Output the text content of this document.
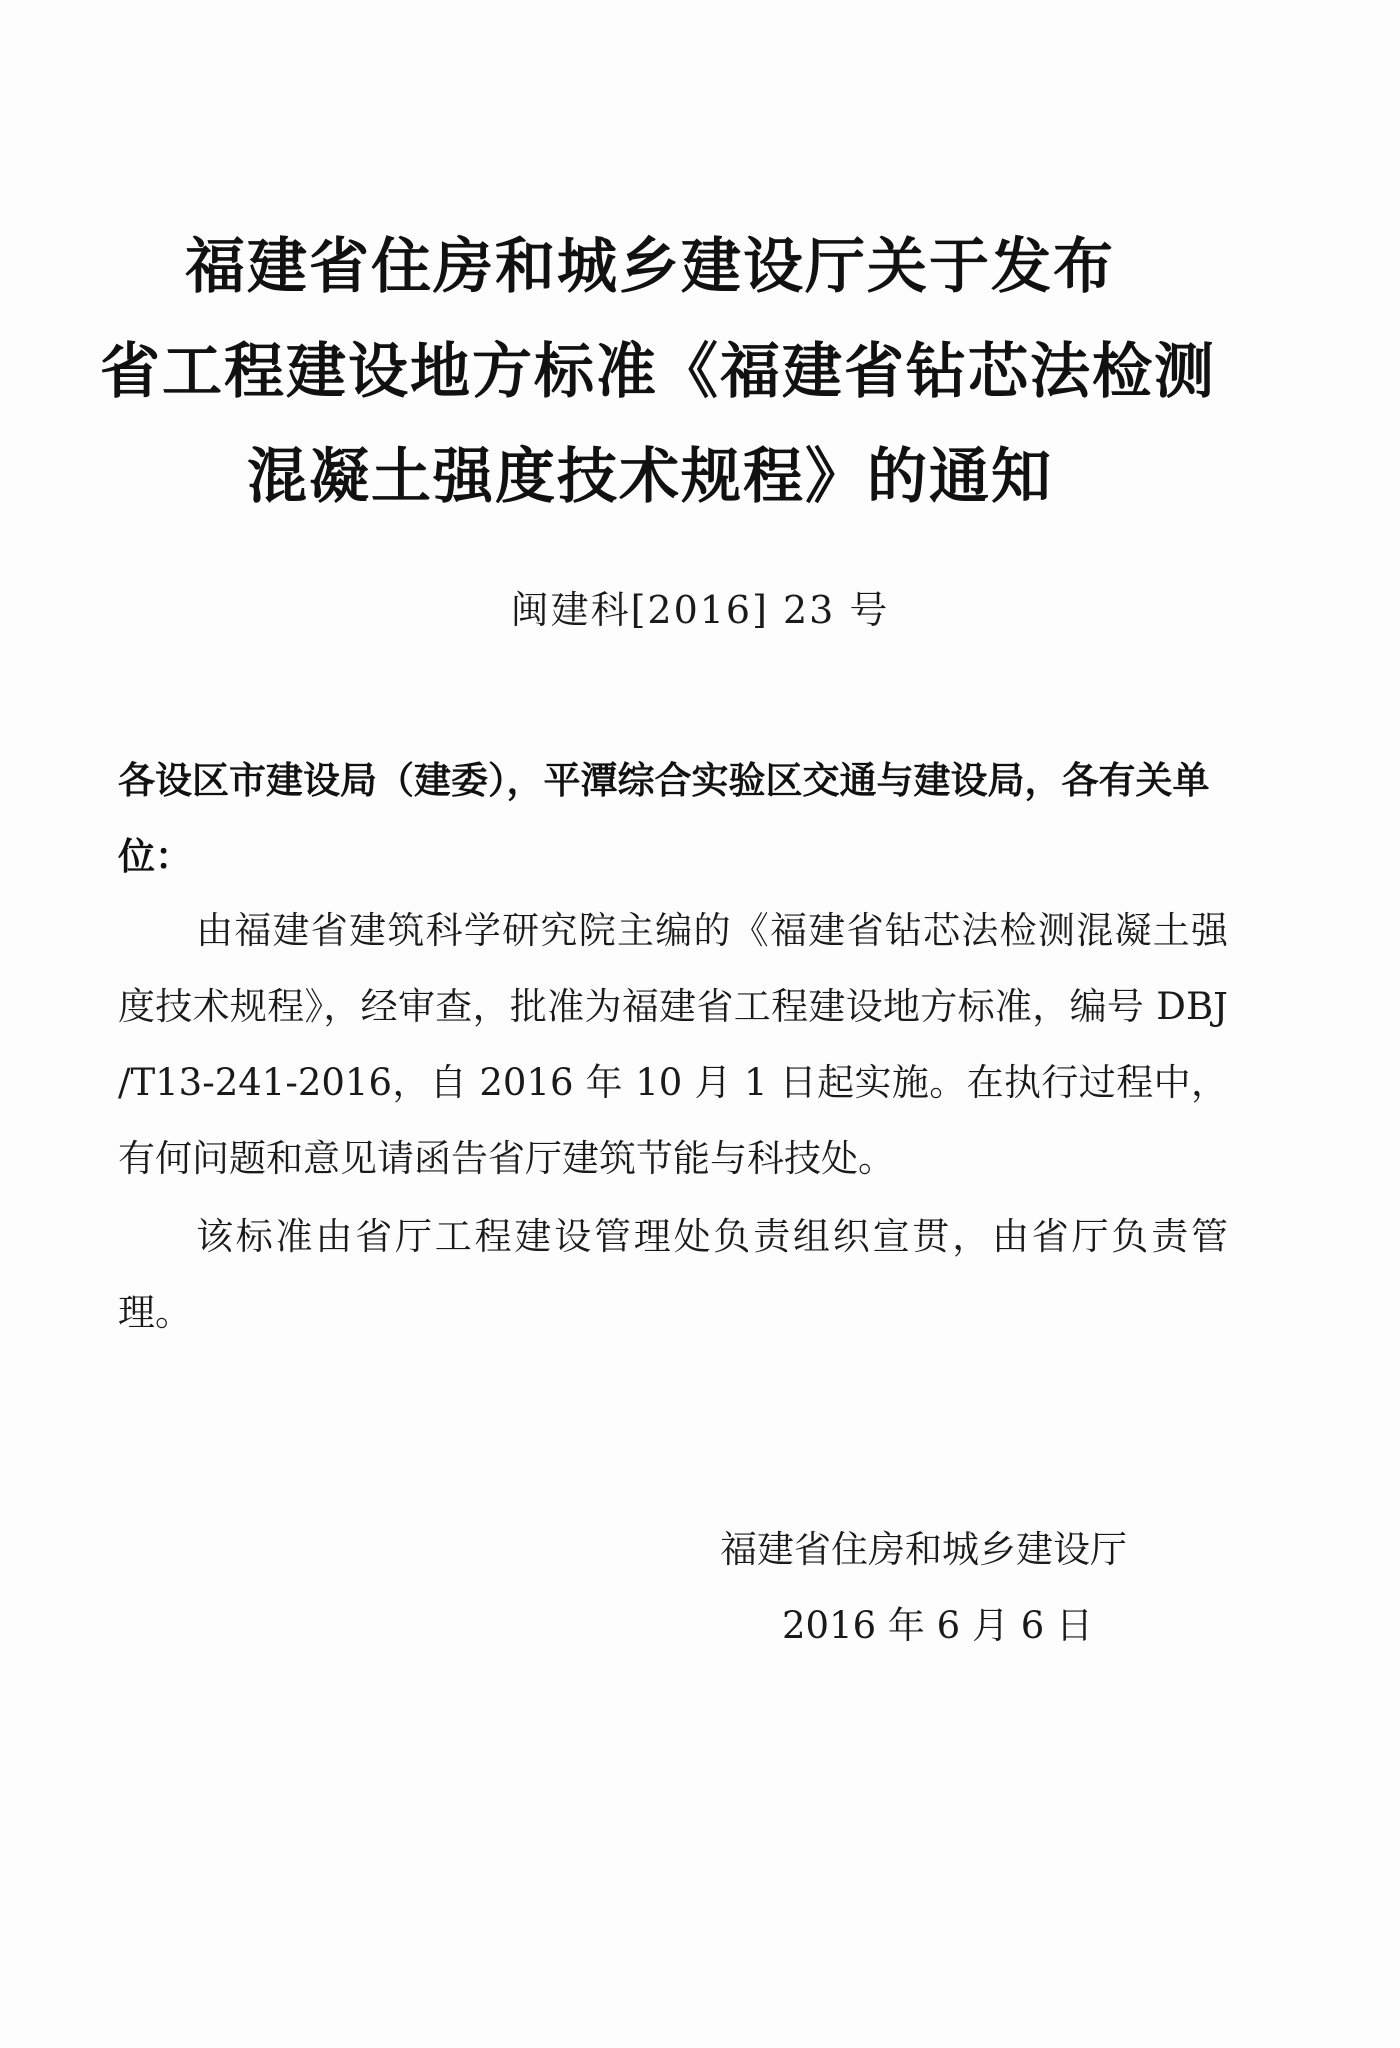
福建省住房和城乡建设厅关于发布
省工程建设地方标准《福建省钻芯法检测
混凝土强度技术规程》的通知
闽建科[2016] 23 号
各设区市建设局（建委），平潭综合实验区交通与建设局，各有关单位：
由福建省建筑科学研究院主编的《福建省钻芯法检测混凝土强度技术规程》，经审查，批准为福建省工程建设地方标准，编号 DBJ /T13-241-2016，自 2016 年 10 月 1 日起实施。在执行过程中，有何问题和意见请函告省厅建筑节能与科技处。
该标准由省厅工程建设管理处负责组织宣贯，由省厅负责管理。
福建省住房和城乡建设厅
2016 年 6 月 6 日
